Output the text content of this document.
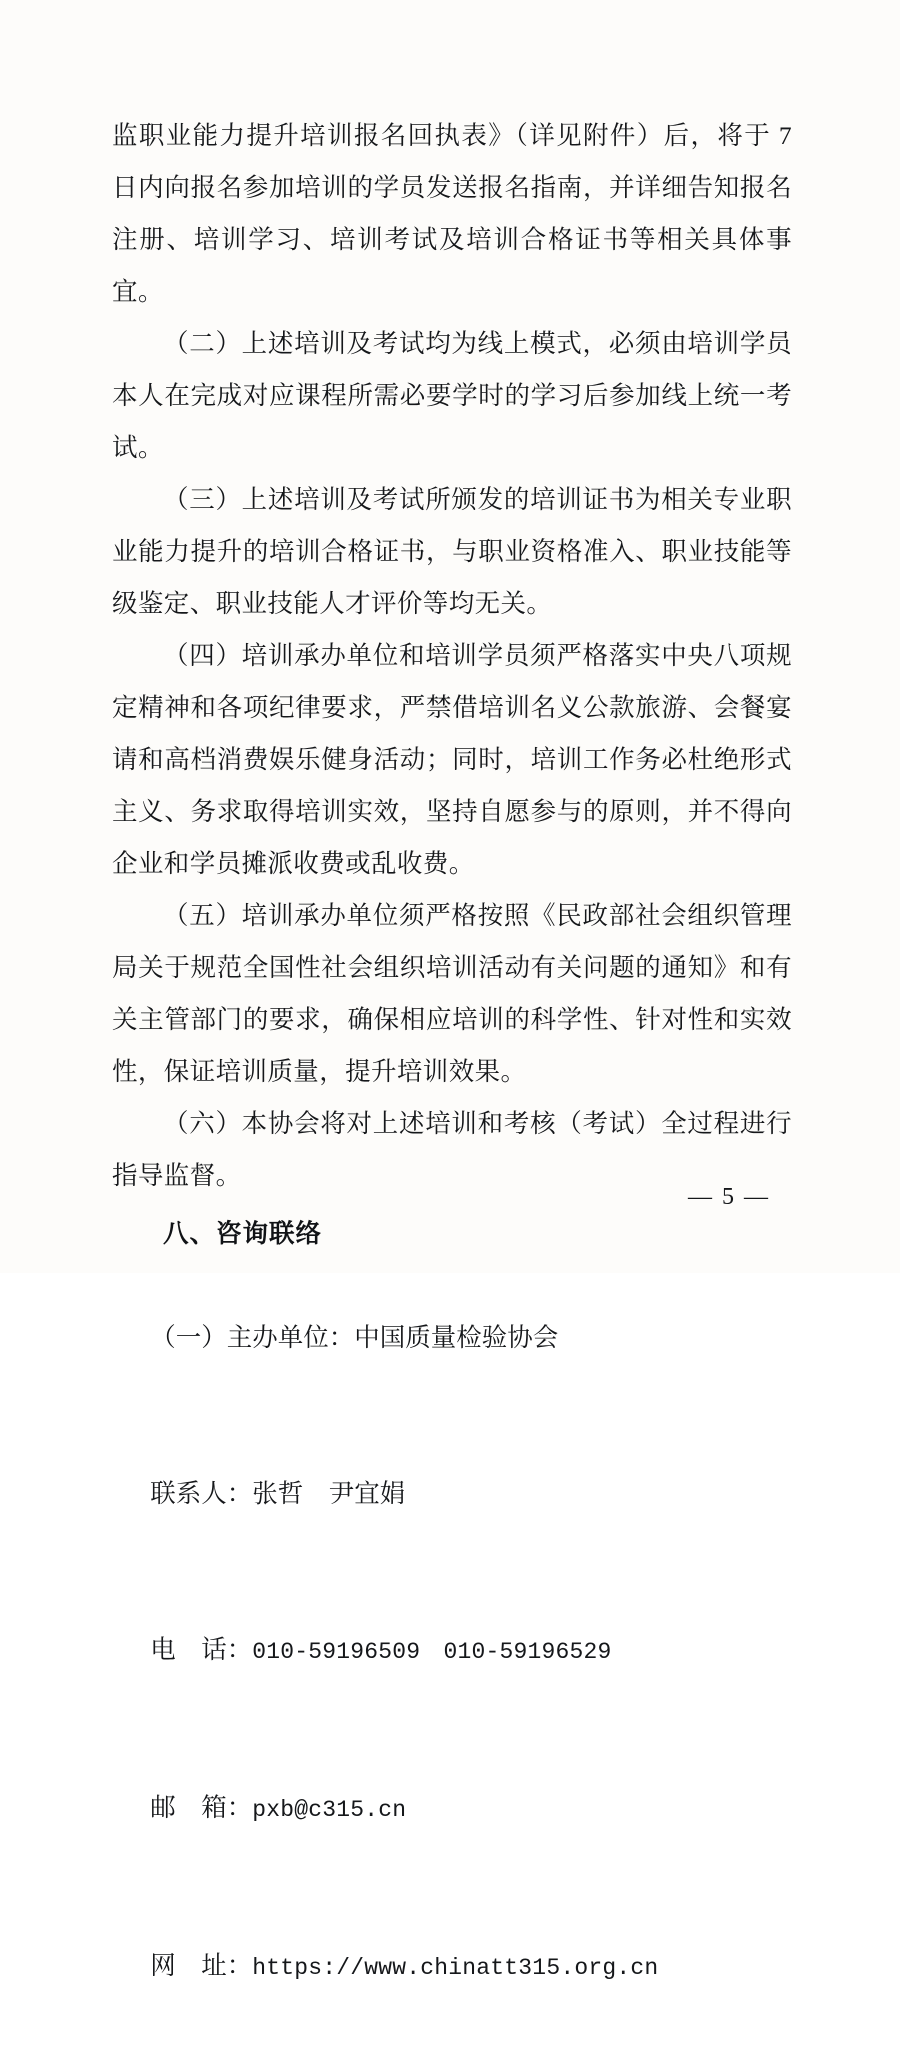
监职业能力提升培训报名回执表》（详见附件）后，将于 7 日内向报名参加培训的学员发送报名指南，并详细告知报名注册、培训学习、培训考试及培训合格证书等相关具体事宜。

（二）上述培训及考试均为线上模式，必须由培训学员本人在完成对应课程所需必要学时的学习后参加线上统一考试。

（三）上述培训及考试所颁发的培训证书为相关专业职业能力提升的培训合格证书，与职业资格准入、职业技能等级鉴定、职业技能人才评价等均无关。

（四）培训承办单位和培训学员须严格落实中央八项规定精神和各项纪律要求，严禁借培训名义公款旅游、会餐宴请和高档消费娱乐健身活动；同时，培训工作务必杜绝形式主义、务求取得培训实效，坚持自愿参与的原则，并不得向企业和学员摊派收费或乱收费。

（五）培训承办单位须严格按照《民政部社会组织管理局关于规范全国性社会组织培训活动有关问题的通知》和有关主管部门的要求，确保相应培训的科学性、针对性和实效性，保证培训质量，提升培训效果。

（六）本协会将对上述培训和考核（考试）全过程进行指导监督。

八、咨询联络

（一）主办单位：中国质量检验协会

联系人：张哲　尹宜娟

电　话：010-59196509　010-59196529

邮　箱：pxb@c315.cn

网　址：https://www.chinatt315.org.cn

— 5 —
